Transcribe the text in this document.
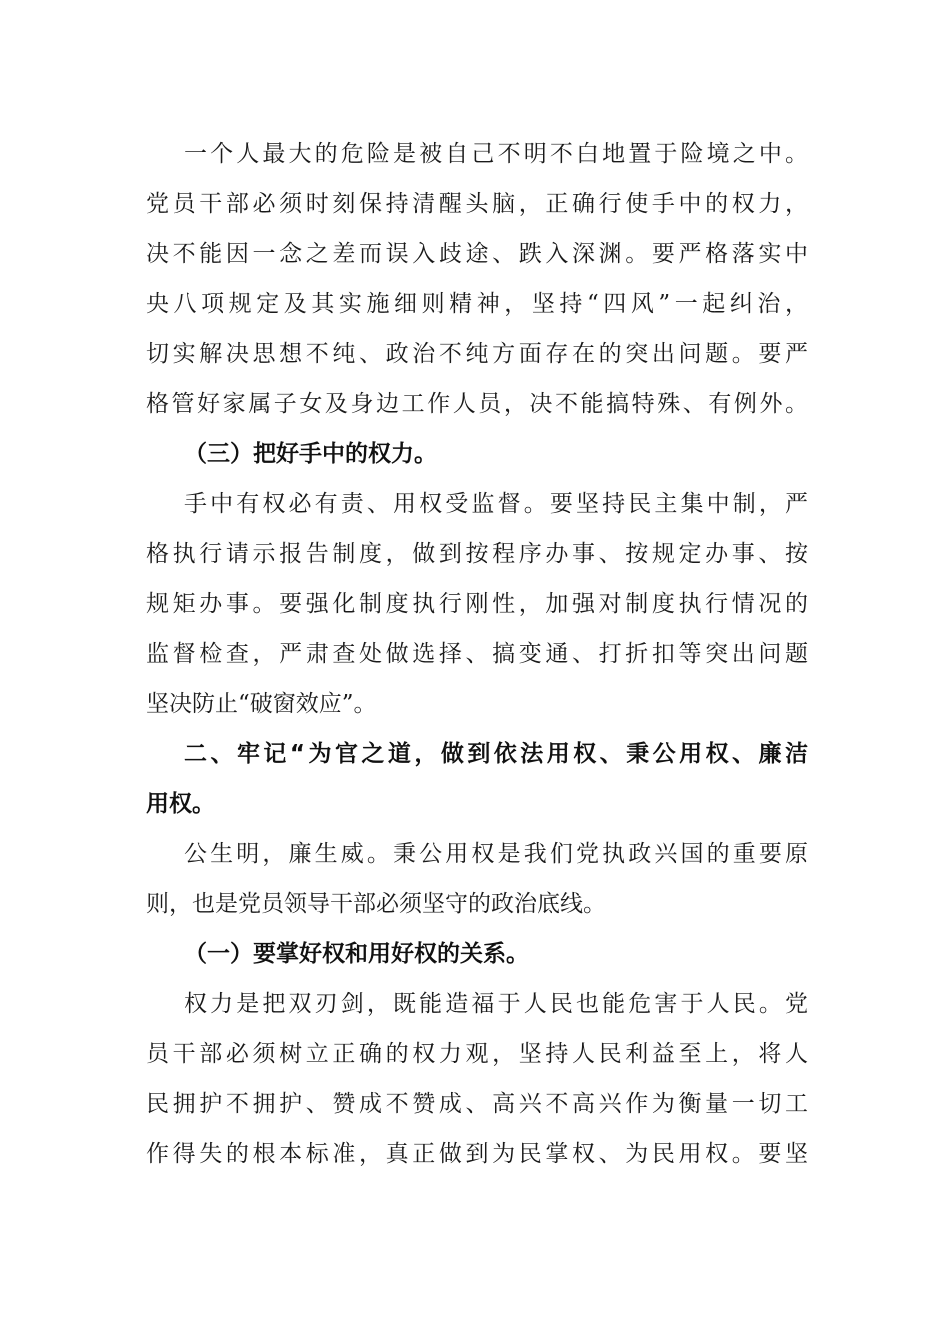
一个人最大的危险是被自己不明不白地置于险境之中。
党员干部必须时刻保持清醒头脑，正确行使手中的权力，
决不能因一念之差而误入歧途、跌入深渊。要严格落实中
央八项规定及其实施细则精神，坚持“四风”一起纠治，
切实解决思想不纯、政治不纯方面存在的突出问题。要严
格管好家属子女及身边工作人员，决不能搞特殊、有例外。
（三）把好手中的权力。
手中有权必有责、用权受监督。要坚持民主集中制，严
格执行请示报告制度，做到按程序办事、按规定办事、按
规矩办事。要强化制度执行刚性，加强对制度执行情况的
监督检查，严肃查处做选择、搞变通、打折扣等突出问题
坚决防止“破窗效应”。
二、牢记“为官之道，做到依法用权、秉公用权、廉洁
用权。
公生明，廉生威。秉公用权是我们党执政兴国的重要原
则，也是党员领导干部必须坚守的政治底线。
（一）要掌好权和用好权的关系。
权力是把双刃剑，既能造福于人民也能危害于人民。党
员干部必须树立正确的权力观，坚持人民利益至上，将人
民拥护不拥护、赞成不赞成、高兴不高兴作为衡量一切工
作得失的根本标准，真正做到为民掌权、为民用权。要坚
